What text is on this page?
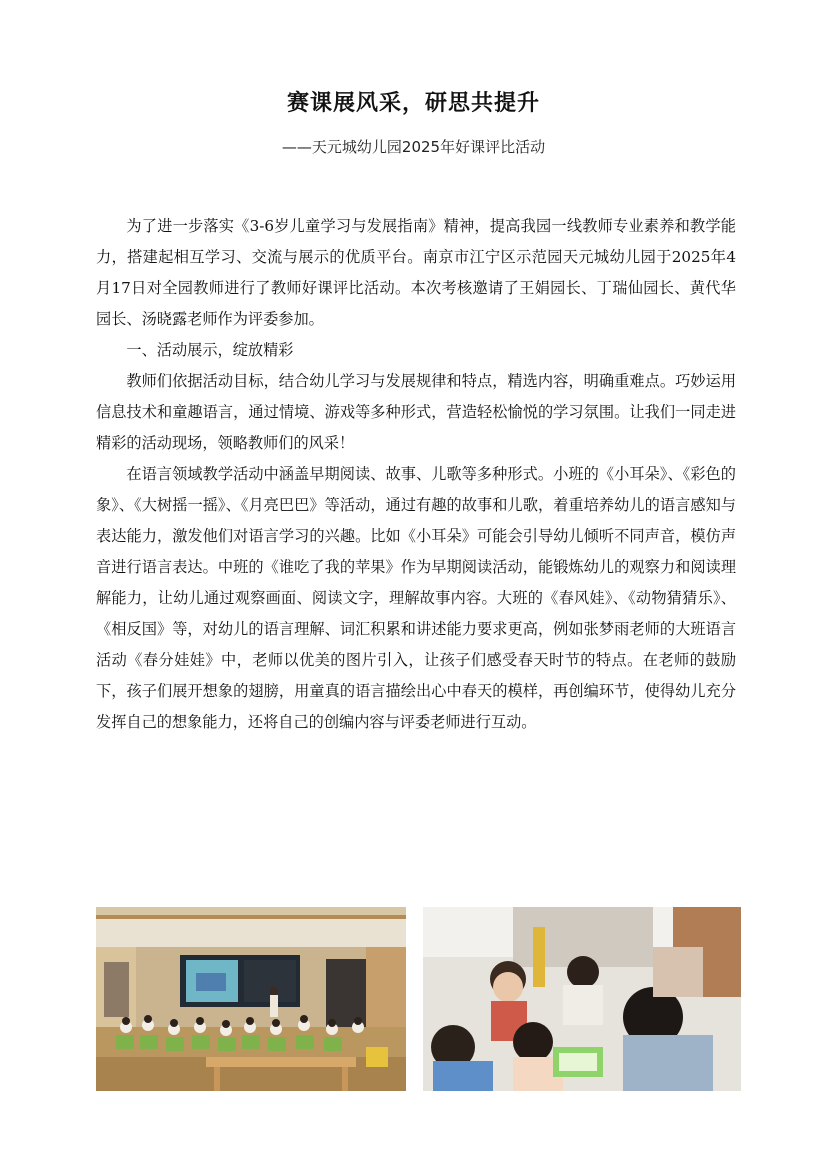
赛课展风采，研思共提升
——天元城幼儿园2025年好课评比活动

为了进一步落实《3-6岁儿童学习与发展指南》精神，提高我园一线教师专业素养和教学能力，搭建起相互学习、交流与展示的优质平台。南京市江宁区示范园天元城幼儿园于2025年4月17日对全园教师进行了教师好课评比活动。本次考核邀请了王娟园长、丁瑞仙园长、黄代华园长、汤晓露老师作为评委参加。

一、活动展示，绽放精彩

教师们依据活动目标，结合幼儿学习与发展规律和特点，精选内容，明确重难点。巧妙运用信息技术和童趣语言，通过情境、游戏等多种形式，营造轻松愉悦的学习氛围。让我们一同走进精彩的活动现场，领略教师们的风采！

在语言领域教学活动中涵盖早期阅读、故事、儿歌等多种形式。小班的《小耳朵》、《彩色的象》、《大树摇一摇》、《月亮巴巴》等活动，通过有趣的故事和儿歌，着重培养幼儿的语言感知与表达能力，激发他们对语言学习的兴趣。比如《小耳朵》可能会引导幼儿倾听不同声音，模仿声音进行语言表达。中班的《谁吃了我的苹果》作为早期阅读活动，能锻炼幼儿的观察力和阅读理解能力，让幼儿通过观察画面、阅读文字，理解故事内容。大班的《春风娃》、《动物猜猜乐》、《相反国》等，对幼儿的语言理解、词汇积累和讲述能力要求更高，例如张梦雨老师的大班语言活动《春分娃娃》中，老师以优美的图片引入，让孩子们感受春天时节的特点。在老师的鼓励下，孩子们展开想象的翅膀，用童真的语言描绘出心中春天的模样，再创编环节，使得幼儿充分发挥自己的想象能力，还将自己的创编内容与评委老师进行互动。
